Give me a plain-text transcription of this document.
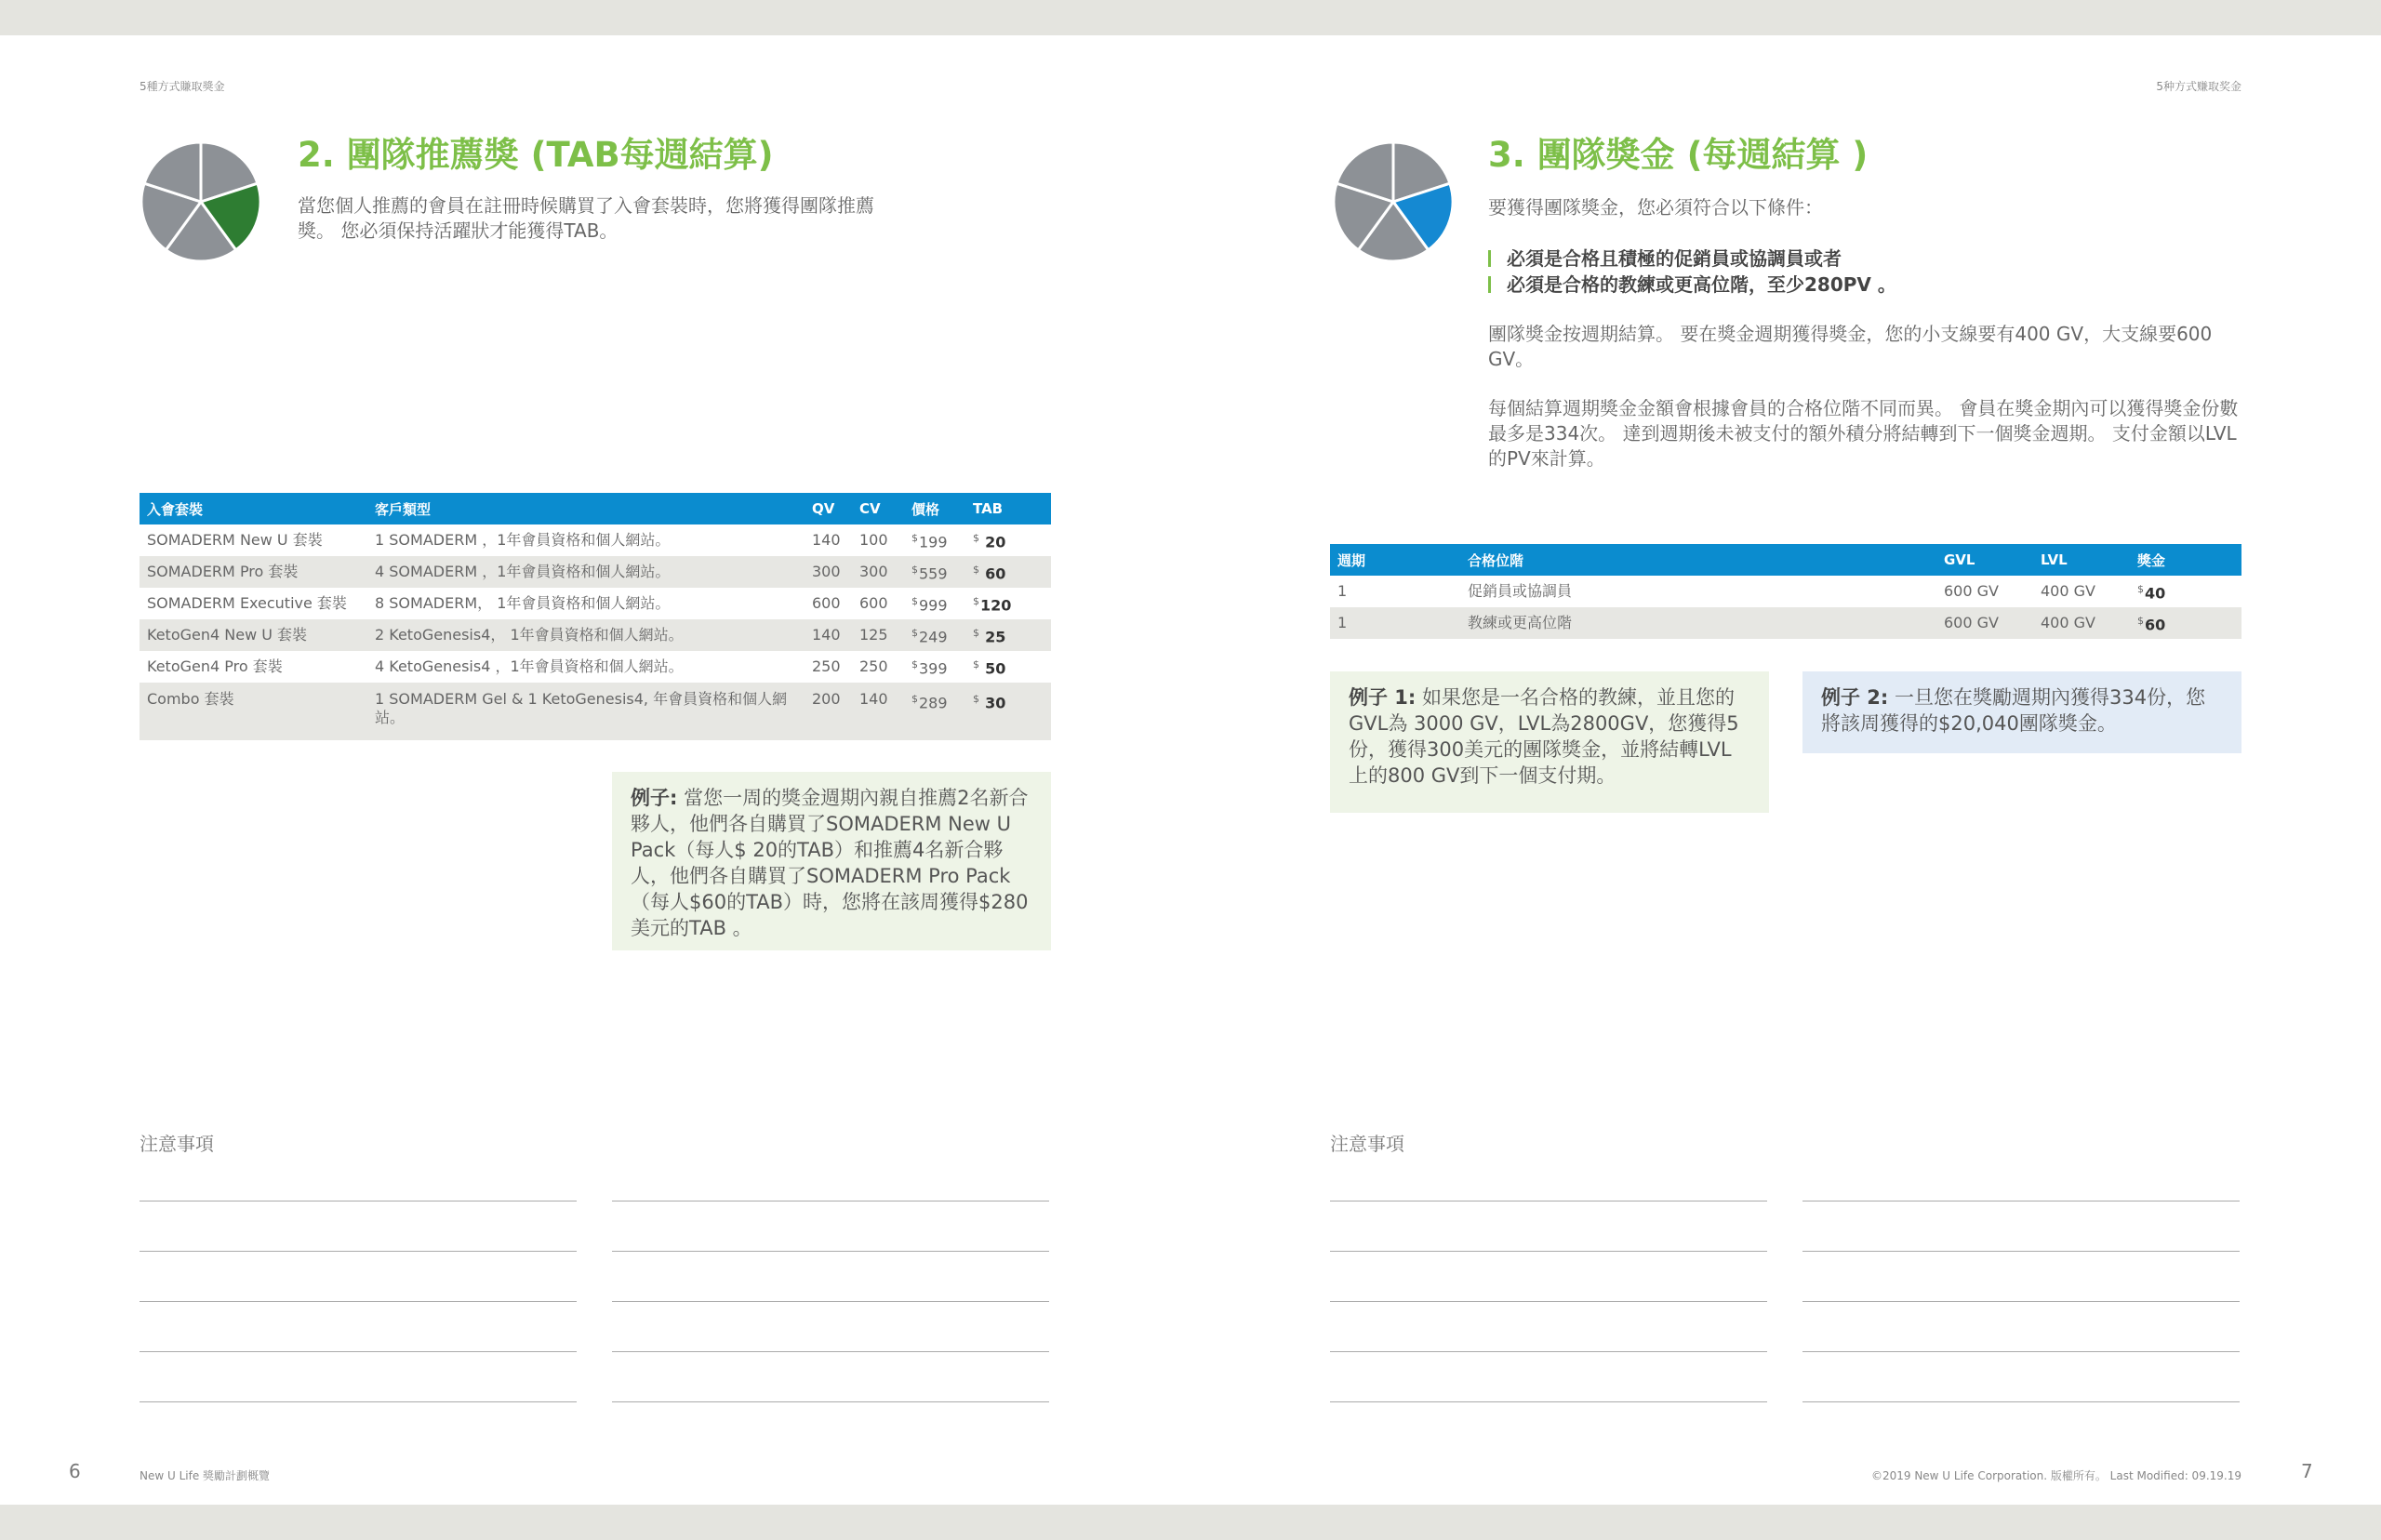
5種方式賺取獎金
2. 團隊推薦獎 (TAB每週結算)

當您個人推薦的會員在註冊時候購買了入會套裝時，您將獲得團隊推薦獎。 您必須保持活躍狀才能獲得TAB。

入會套裝	客戶類型	QV	CV	價格	TAB
SOMADERM New U 套裝	1 SOMADERM ，1年會員資格和個人網站。	140	100	$199	$ 20
SOMADERM Pro 套裝	4 SOMADERM ，1年會員資格和個人網站。	300	300	$559	$ 60
SOMADERM Executive 套裝	8 SOMADERM， 1年會員資格和個人網站。	600	600	$999	$120
KetoGen4 New U 套裝	2 KetoGenesis4， 1年會員資格和個人網站。	140	125	$249	$ 25
KetoGen4 Pro 套裝	4 KetoGenesis4 ，1年會員資格和個人網站。	250	250	$399	$ 50
Combo 套裝	1 SOMADERM Gel & 1 KetoGenesis4, 年會員資格和個人網站。	200	140	$289	$ 30
例子: 當您一周的獎金週期內親自推薦2名新合夥人，他們各自購買了SOMADERM New U Pack（每人$ 20的TAB）和推薦4名新合夥人，他們各自購買了SOMADERM Pro Pack （每人$60的TAB）時，您將在該周獲得$280美元的TAB 。
注意事項
6	New U Life 獎勵計劃概覽
5种方式赚取奖金
3. 團隊獎金 (每週結算 )

要獲得團隊獎金，您必須符合以下條件：

必須是合格且積極的促銷員或協調員或者
必須是合格的教練或更高位階，至少280PV 。

團隊獎金按週期結算。 要在獎金週期獲得獎金，您的小支線要有400 GV，大支線要600 GV。

每個結算週期獎金金額會根據會員的合格位階不同而異。 會員在獎金期內可以獲得獎金份數最多是334次。 達到週期後未被支付的額外積分將結轉到下一個獎金週期。 支付金額以LVL的PV來計算。

週期	合格位階	GVL	LVL	獎金
1	促銷員或協調員	600 GV	400 GV	$40
1	教練或更高位階	600 GV	400 GV	$60
例子 1: 如果您是一名合格的教練，並且您的GVL為 3000 GV，LVL為2800GV，您獲得5份，獲得300美元的團隊獎金，並將結轉LVL上的800 GV到下一個支付期。
例子 2: 一旦您在獎勵週期內獲得334份，您將該周獲得的$20,040團隊獎金。
注意事項
©2019 New U Life Corporation. 版權所有。 Last Modified: 09.19.19	7
